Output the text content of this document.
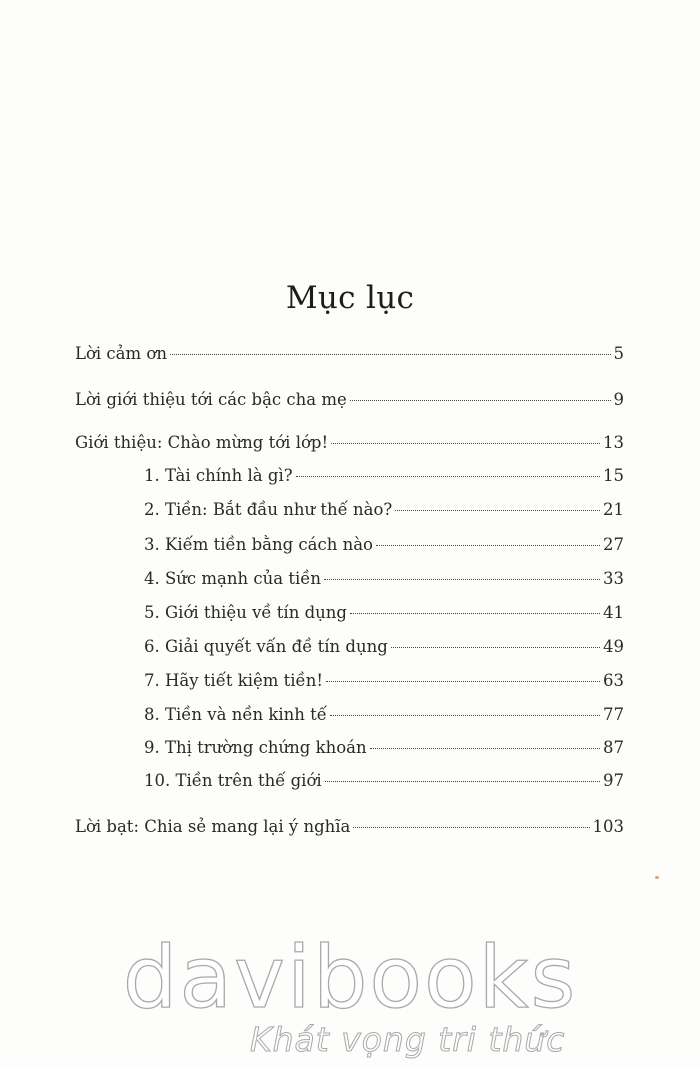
Mục lục
Lời cảm ơn	5
Lời giới thiệu tới các bậc cha mẹ	9
Giới thiệu: Chào mừng tới lớp!	13
1. Tài chính là gì?	15
2. Tiền: Bắt đầu như thế nào?	21
3. Kiếm tiền bằng cách nào	27
4. Sức mạnh của tiền	33
5. Giới thiệu về tín dụng	41
6. Giải quyết vấn đề tín dụng	49
7. Hãy tiết kiệm tiền!	63
8. Tiền và nền kinh tế	77
9. Thị trường chứng khoán	87
10. Tiền trên thế giới	97
Lời bạt: Chia sẻ mang lại ý nghĩa	103
davibooks
Khát vọng tri thức
